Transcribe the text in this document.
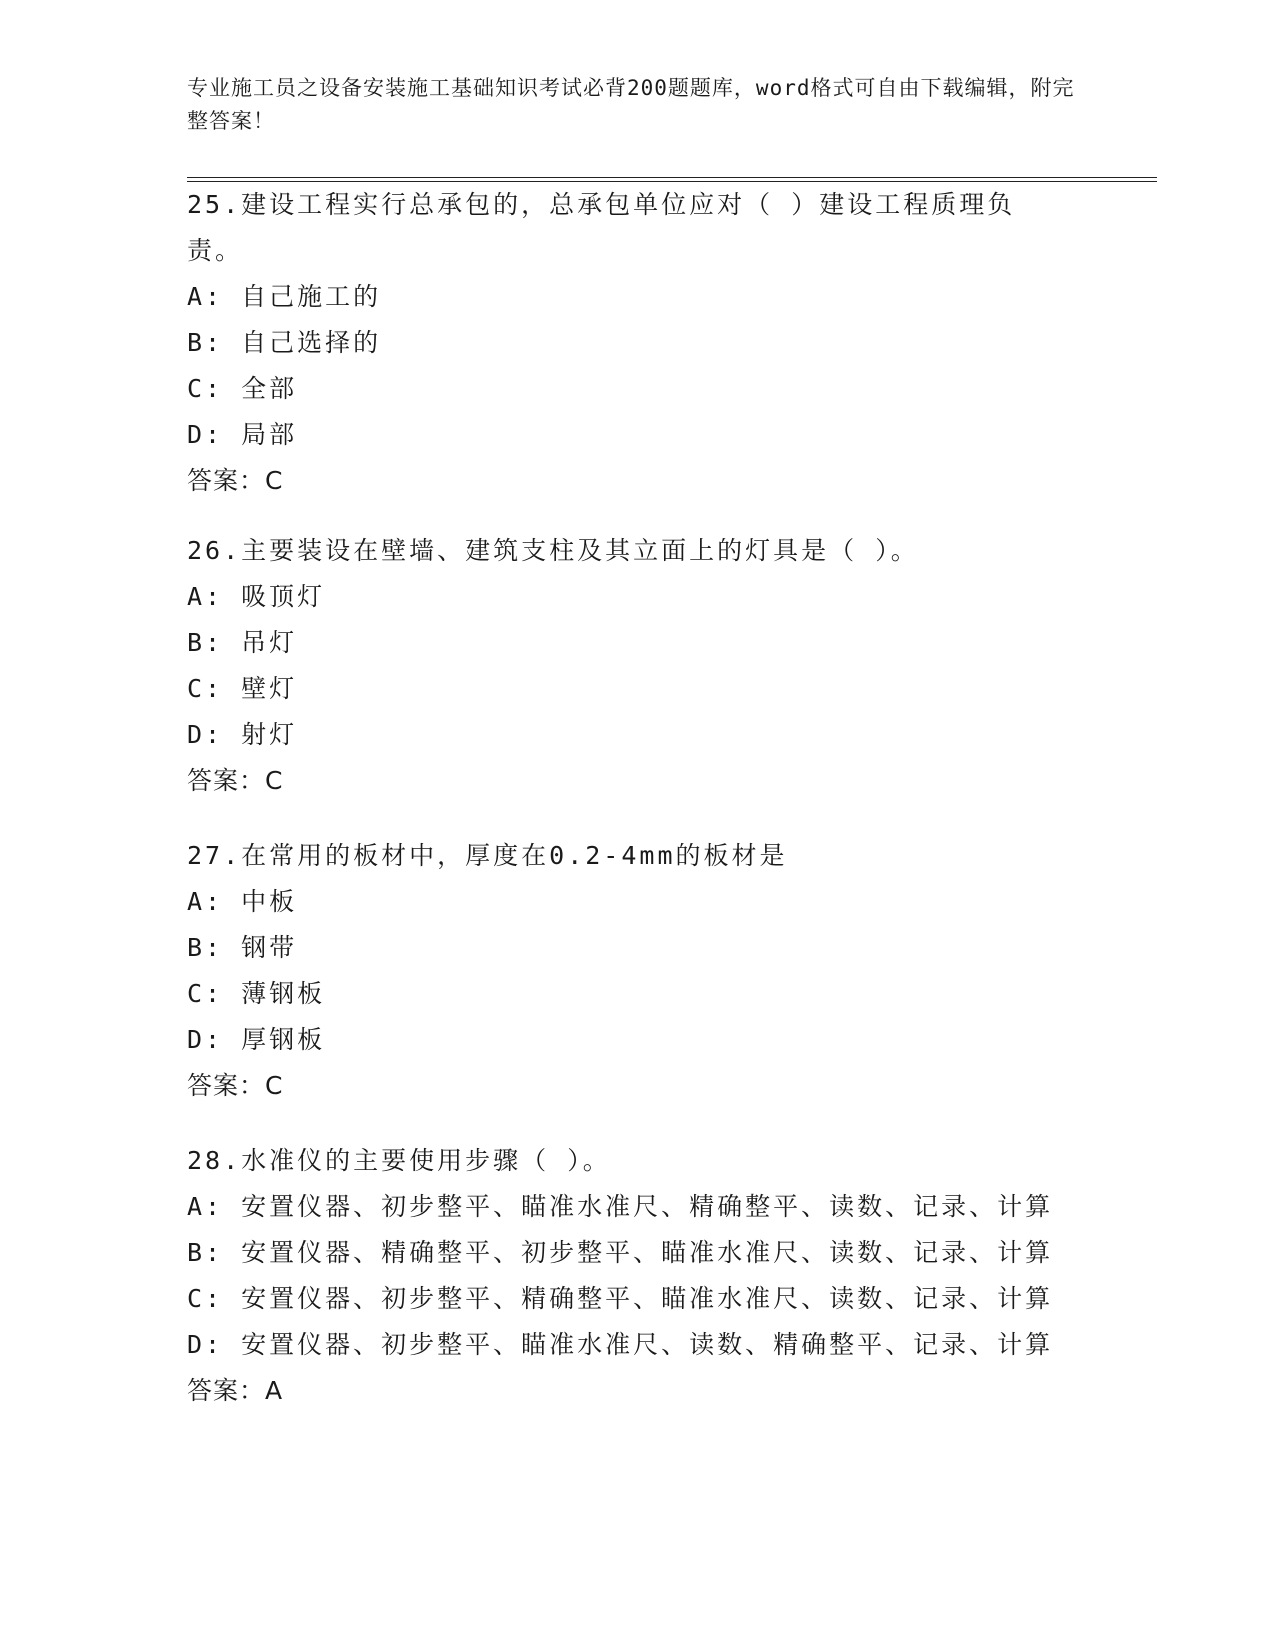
专业施工员之设备安装施工基础知识考试必背200题题库，word格式可自由下载编辑，附完整答案！
25.建设工程实行总承包的，总承包单位应对（ ）建设工程质理负责。
A: 自己施工的
B: 自己选择的
C: 全部
D: 局部
答案：C
26.主要装设在壁墙、建筑支柱及其立面上的灯具是（ ）。
A: 吸顶灯
B: 吊灯
C: 壁灯
D: 射灯
答案：C
27.在常用的板材中，厚度在0.2-4mm的板材是
A: 中板
B: 钢带
C: 薄钢板
D: 厚钢板
答案：C
28.水准仪的主要使用步骤（ ）。
A: 安置仪器、初步整平、瞄准水准尺、精确整平、读数、记录、计算
B: 安置仪器、精确整平、初步整平、瞄准水准尺、读数、记录、计算
C: 安置仪器、初步整平、精确整平、瞄准水准尺、读数、记录、计算
D: 安置仪器、初步整平、瞄准水准尺、读数、精确整平、记录、计算
答案：A
